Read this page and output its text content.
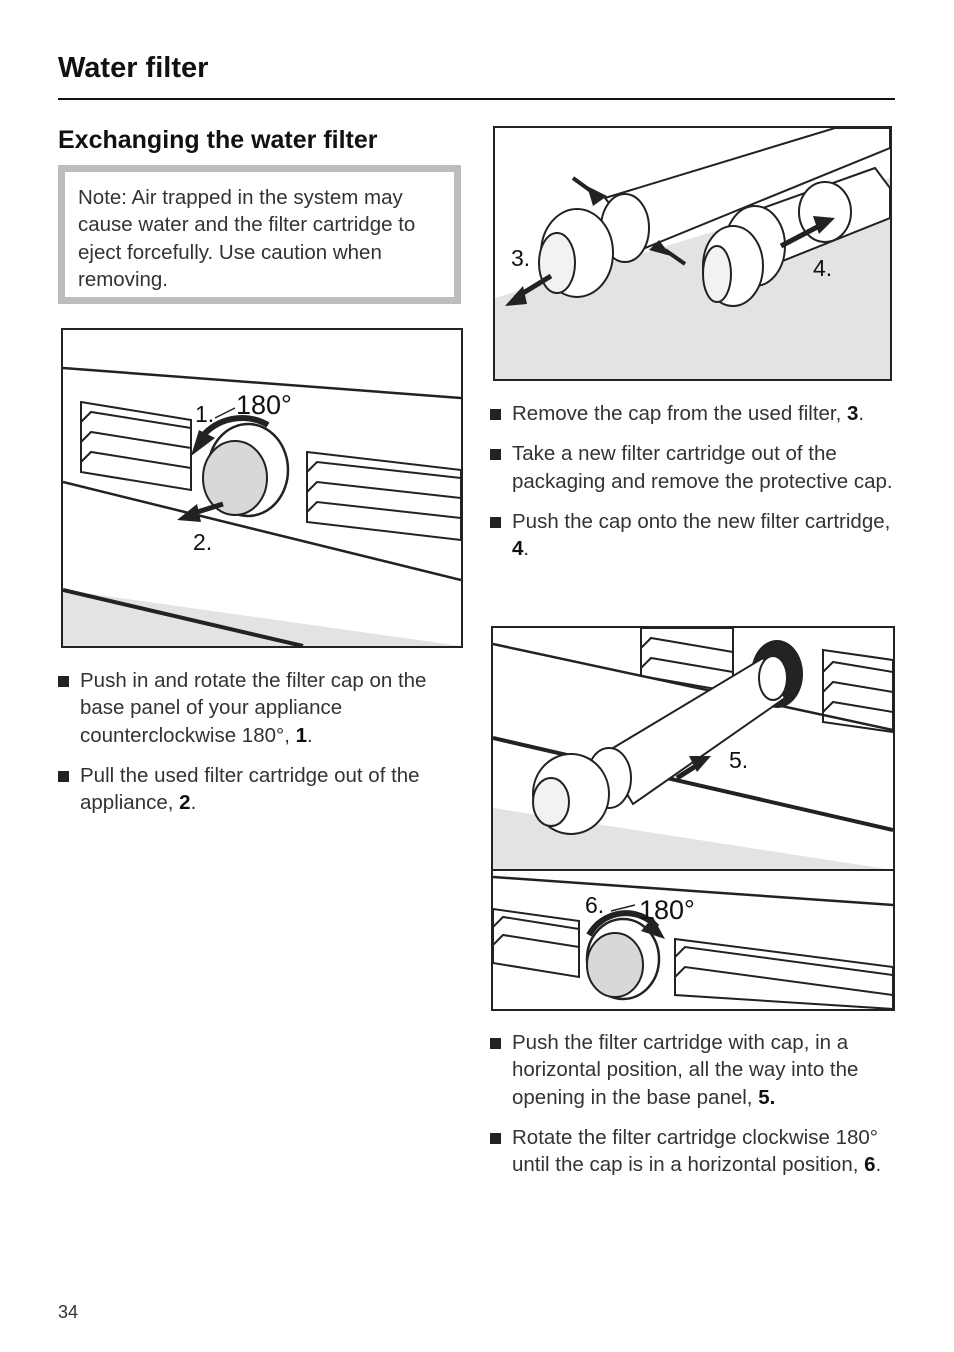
Water filter
Exchanging the water filter

Note: Air trapped in the system may cause water and the filter cartridge to eject forcefully. Use caution when removing.

1. 180°
2.
3.	4.
5.
6. 180°
Push in and rotate the filter cap on the base panel of your appliance counterclockwise 180°, 1.
Pull the used filter cartridge out of the appliance, 2.
Remove the cap from the used filter, 3.
Take a new filter cartridge out of the packaging and remove the protective cap.
Push the cap onto the new filter cartridge, 4.
Push the filter cartridge with cap, in a horizontal position, all the way into the opening in the base panel, 5.
Rotate the filter cartridge clockwise 180° until the cap is in a horizontal position, 6.
34
